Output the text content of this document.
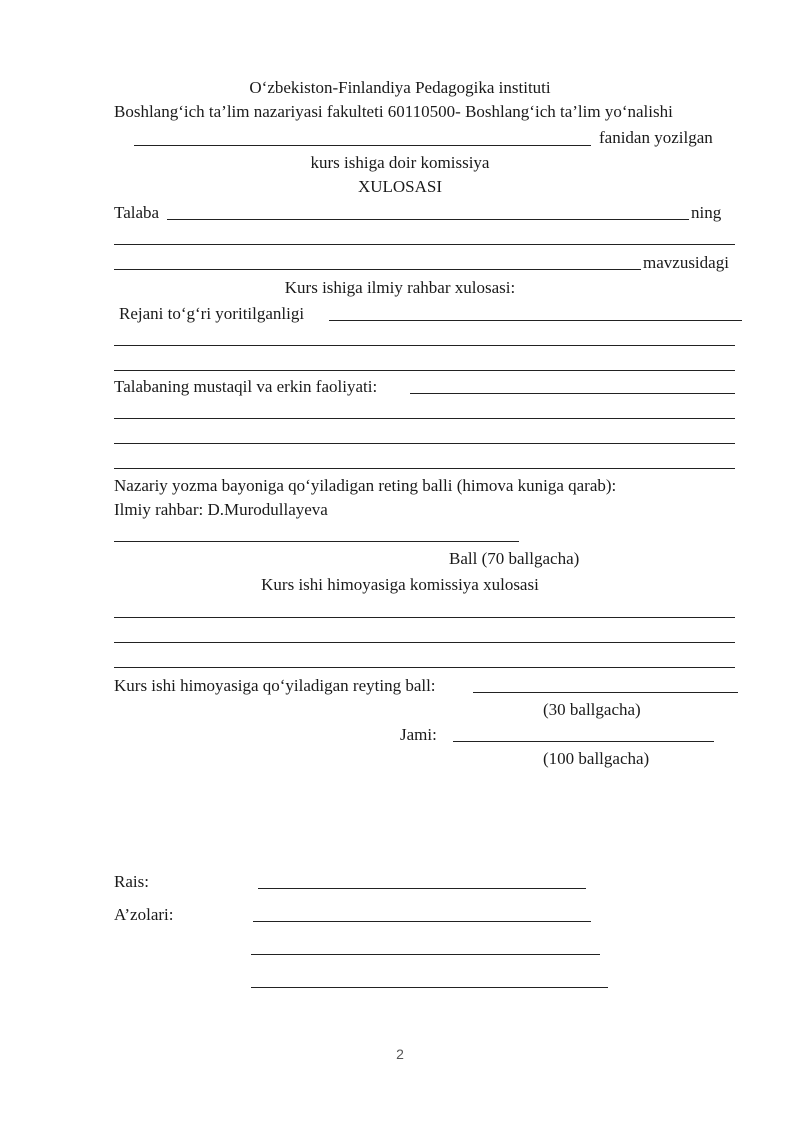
O‘zbekiston-Finlandiya Pedagogika instituti
Boshlang‘ich ta’lim nazariyasi fakulteti 60110500- Boshlang‘ich ta’lim yo‘nalishi
fanidan yozilgan
kurs ishiga doir komissiya
XULOSASI
Talaba	ning
mavzusidagi
Kurs ishiga ilmiy rahbar xulosasi:
Rejani to‘g‘ri yoritilganligi
Talabaning mustaqil va erkin faoliyati:
Nazariy yozma bayoniga qo‘yiladigan reting balli (himova kuniga qarab):
Ilmiy rahbar: D.Murodullayeva
Ball (70 ballgacha)
Kurs ishi himoyasiga komissiya xulosasi
Kurs ishi himoyasiga qo‘yiladigan reyting ball:
(30 ballgacha)
Jami:
(100 ballgacha)
Rais:
A’zolari:
2
